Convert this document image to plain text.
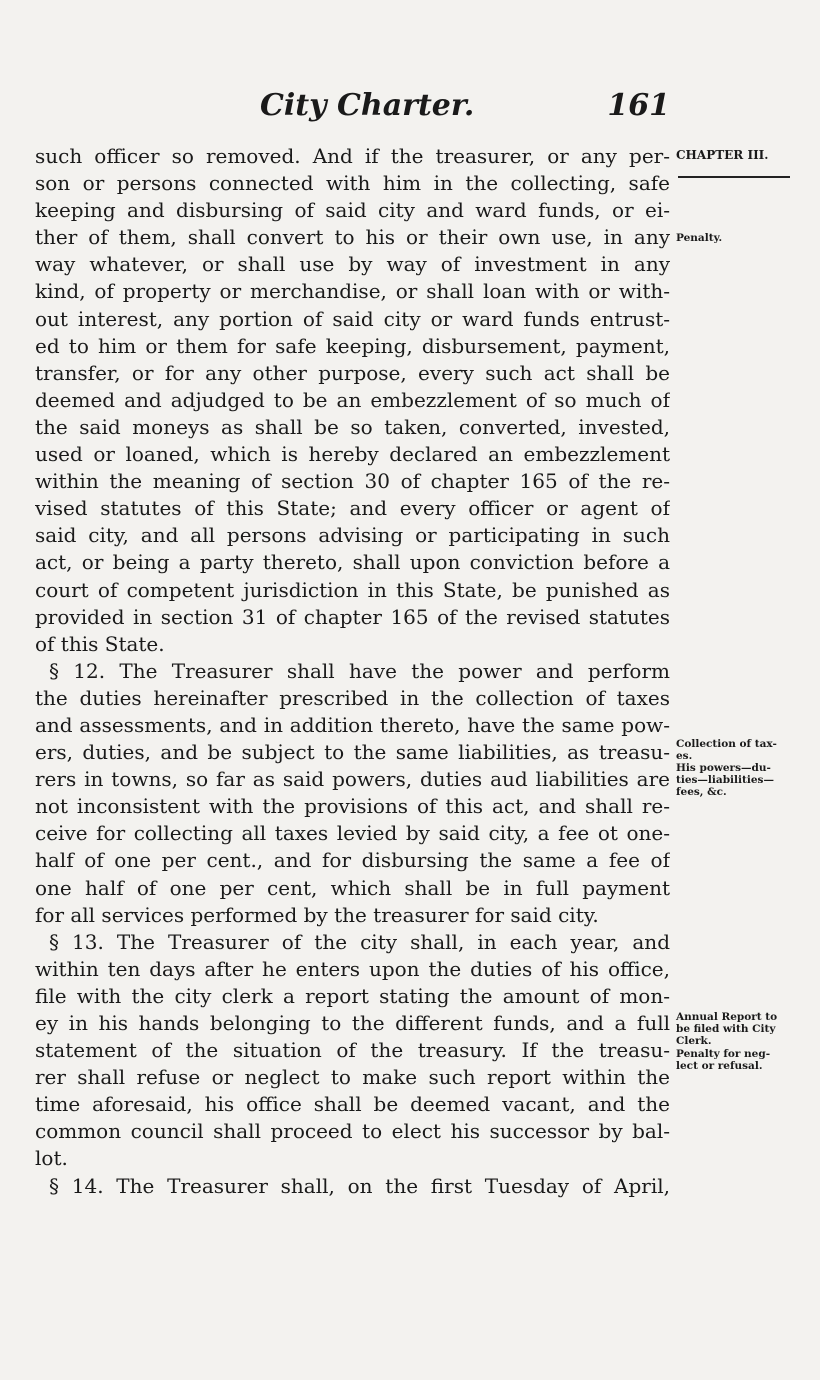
City Charter.	161
such officer so removed. And if the treasurer, or any per-
son or persons connected with him in the collecting, safe
keeping and disbursing of said city and ward funds, or ei-
ther of them, shall convert to his or their own use, in any
way whatever, or shall use by way of investment in any
kind, of property or merchandise, or shall loan with or with-
out interest, any portion of said city or ward funds entrust-
ed to him or them for safe keeping, disbursement, payment,
transfer, or for any other purpose, every such act shall be
deemed and adjudged to be an embezzlement of so much of
the said moneys as shall be so taken, converted, invested,
used or loaned, which is hereby declared an embezzlement
within the meaning of section 30 of chapter 165 of the re-
vised statutes of this State; and every officer or agent of
said city, and all persons advising or participating in such
act, or being a party thereto, shall upon conviction before a
court of competent jurisdiction in this State, be punished as
provided in section 31 of chapter 165 of the revised statutes
of this State.
§ 12. The Treasurer shall have the power and perform
the duties hereinafter prescribed in the collection of taxes
and assessments, and in addition thereto, have the same pow-
ers, duties, and be subject to the same liabilities, as treasu-
rers in towns, so far as said powers, duties aud liabilities are
not inconsistent with the provisions of this act, and shall re-
ceive for collecting all taxes levied by said city, a fee ot one-
half of one per cent., and for disbursing the same a fee of
one half of one per cent, which shall be in full payment
for all services performed by the treasurer for said city.
§ 13. The Treasurer of the city shall, in each year, and
within ten days after he enters upon the duties of his office,
file with the city clerk a report stating the amount of mon-
ey in his hands belonging to the different funds, and a full
statement of the situation of the treasury. If the treasu-
rer shall refuse or neglect to make such report within the
time aforesaid, his office shall be deemed vacant, and the
common council shall proceed to elect his successor by bal-
lot.
§ 14. The Treasurer shall, on the first Tuesday of April,
CHAPTER III.
Penalty.
Collection of tax-
es.
His powers—du-
ties—liabilities—
fees, &c.
Annual Report to
be filed with City
Clerk.
Penalty for neg-
lect or refusal.
